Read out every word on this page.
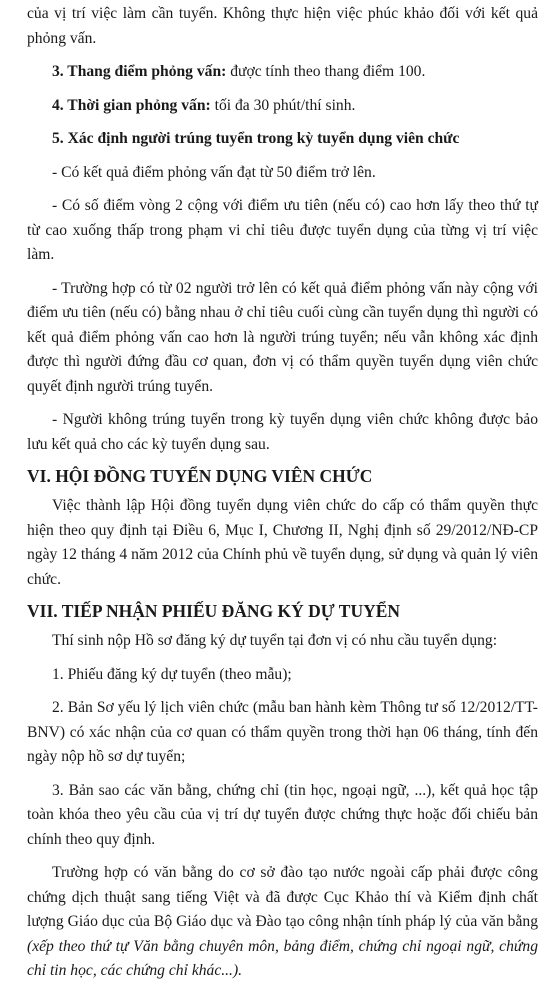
của vị trí việc làm cần tuyển. Không thực hiện việc phúc khảo đối với kết quả phỏng vấn.

3. Thang điểm phỏng vấn: được tính theo thang điểm 100.

4. Thời gian phỏng vấn: tối đa 30 phút/thí sinh.

5. Xác định người trúng tuyển trong kỳ tuyển dụng viên chức

- Có kết quả điểm phỏng vấn đạt từ 50 điểm trở lên.

- Có số điểm vòng 2 cộng với điểm ưu tiên (nếu có) cao hơn lấy theo thứ tự từ cao xuống thấp trong phạm vi chỉ tiêu được tuyển dụng của từng vị trí việc làm.

- Trường hợp có từ 02 người trở lên có kết quả điểm phỏng vấn này cộng với điểm ưu tiên (nếu có) bằng nhau ở chỉ tiêu cuối cùng cần tuyển dụng thì người có kết quả điểm phỏng vấn cao hơn là người trúng tuyển; nếu vẫn không xác định được thì người đứng đầu cơ quan, đơn vị có thẩm quyền tuyển dụng viên chức quyết định người trúng tuyển.

- Người không trúng tuyển trong kỳ tuyển dụng viên chức không được bảo lưu kết quả cho các kỳ tuyển dụng sau.

VI. HỘI ĐỒNG TUYỂN DỤNG VIÊN CHỨC

Việc thành lập Hội đồng tuyển dụng viên chức do cấp có thẩm quyền thực hiện theo quy định tại Điều 6, Mục I, Chương II, Nghị định số 29/2012/NĐ-CP ngày 12 tháng 4 năm 2012 của Chính phủ về tuyển dụng, sử dụng và quản lý viên chức.

VII. TIẾP NHẬN PHIẾU ĐĂNG KÝ DỰ TUYỂN

Thí sinh nộp Hồ sơ đăng ký dự tuyển tại đơn vị có nhu cầu tuyển dụng:

1. Phiếu đăng ký dự tuyển (theo mẫu);

2. Bản Sơ yếu lý lịch viên chức (mẫu ban hành kèm Thông tư số 12/2012/TT-BNV) có xác nhận của cơ quan có thẩm quyền trong thời hạn 06 tháng, tính đến ngày nộp hồ sơ dự tuyển;

3. Bản sao các văn bằng, chứng chỉ (tin học, ngoại ngữ, ...), kết quả học tập toàn khóa theo yêu cầu của vị trí dự tuyển được chứng thực hoặc đối chiếu bản chính theo quy định.

Trường hợp có văn bằng do cơ sở đào tạo nước ngoài cấp phải được công chứng dịch thuật sang tiếng Việt và đã được Cục Khảo thí và Kiểm định chất lượng Giáo dục của Bộ Giáo dục và Đào tạo công nhận tính pháp lý của văn bằng (xếp theo thứ tự Văn bằng chuyên môn, bảng điểm, chứng chỉ ngoại ngữ, chứng chỉ tin học, các chứng chỉ khác...).
